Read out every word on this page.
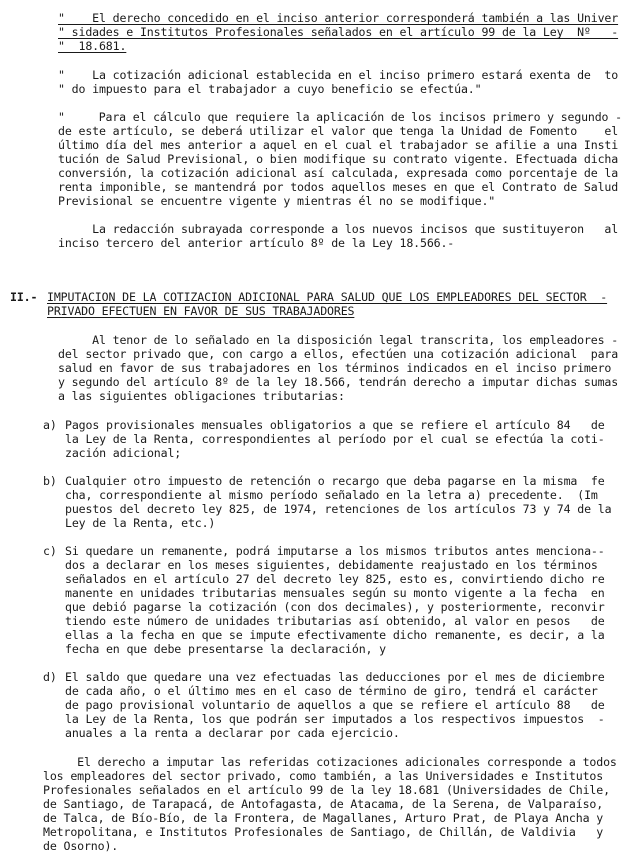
"    El derecho concedido en el inciso anterior corresponderá también a las Univer
" sidades e Institutos Profesionales señalados en el artículo 99 de la Ley  Nº   -
"  18.681.
"    La cotización adicional establecida en el inciso primero estará exenta de  to
" do impuesto para el trabajador a cuyo beneficio se efectúa."
"     Para el cálculo que requiere la aplicación de los incisos primero y segundo -
de este artículo, se deberá utilizar el valor que tenga la Unidad de Fomento    el
último día del mes anterior a aquel en el cual el trabajador se afilie a una Insti
tución de Salud Previsional, o bien modifique su contrato vigente. Efectuada dicha
conversión, la cotización adicional así calculada, expresada como porcentaje de la
renta imponible, se mantendrá por todos aquellos meses en que el Contrato de Salud
Previsional se encuentre vigente y mientras él no se modifique."
La redacción subrayada corresponde a los nuevos incisos que sustituyeron   al
inciso tercero del anterior artículo 8º de la Ley 18.566.-
II.- IMPUTACION DE LA COTIZACION ADICIONAL PARA SALUD QUE LOS EMPLEADORES DEL SECTOR  -
PRIVADO EFECTUEN EN FAVOR DE SUS TRABAJADORES
Al tenor de lo señalado en la disposición legal transcrita, los empleadores -
del sector privado que, con cargo a ellos, efectúen una cotización adicional  para
salud en favor de sus trabajadores en los términos indicados en el inciso primero
y segundo del artículo 8º de la ley 18.566, tendrán derecho a imputar dichas sumas
a las siguientes obligaciones tributarias:
a) Pagos provisionales mensuales obligatorios a que se refiere el artículo 84   de
la Ley de la Renta, correspondientes al período por el cual se efectúa la coti-
zación adicional;
b) Cualquier otro impuesto de retención o recargo que deba pagarse en la misma  fe
cha, correspondiente al mismo período señalado en la letra a) precedente.  (Im
puestos del decreto ley 825, de 1974, retenciones de los artículos 73 y 74 de la
Ley de la Renta, etc.)
c) Si quedare un remanente, podrá imputarse a los mismos tributos antes menciona--
dos a declarar en los meses siguientes, debidamente reajustado en los términos
señalados en el artículo 27 del decreto ley 825, esto es, convirtiendo dicho re
manente en unidades tributarias mensuales según su monto vigente a la fecha  en
que debió pagarse la cotización (con dos decimales), y posteriormente, reconvir
tiendo este número de unidades tributarias así obtenido, al valor en pesos   de
ellas a la fecha en que se impute efectivamente dicho remanente, es decir, a la
fecha en que debe presentarse la declaración, y
d) El saldo que quedare una vez efectuadas las deducciones por el mes de diciembre
de cada año, o el último mes en el caso de término de giro, tendrá el carácter
de pago provisional voluntario de aquellos a que se refiere el artículo 88   de
la Ley de la Renta, los que podrán ser imputados a los respectivos impuestos  -
anuales a la renta a declarar por cada ejercicio.
El derecho a imputar las referidas cotizaciones adicionales corresponde a todos
los empleadores del sector privado, como también, a las Universidades e Institutos
Profesionales señalados en el artículo 99 de la ley 18.681 (Universidades de Chile,
de Santiago, de Tarapacá, de Antofagasta, de Atacama, de la Serena, de Valparaíso,
de Talca, de Bío-Bío, de la Frontera, de Magallanes, Arturo Prat, de Playa Ancha y
Metropolitana, e Institutos Profesionales de Santiago, de Chillán, de Valdivia   y
de Osorno).
